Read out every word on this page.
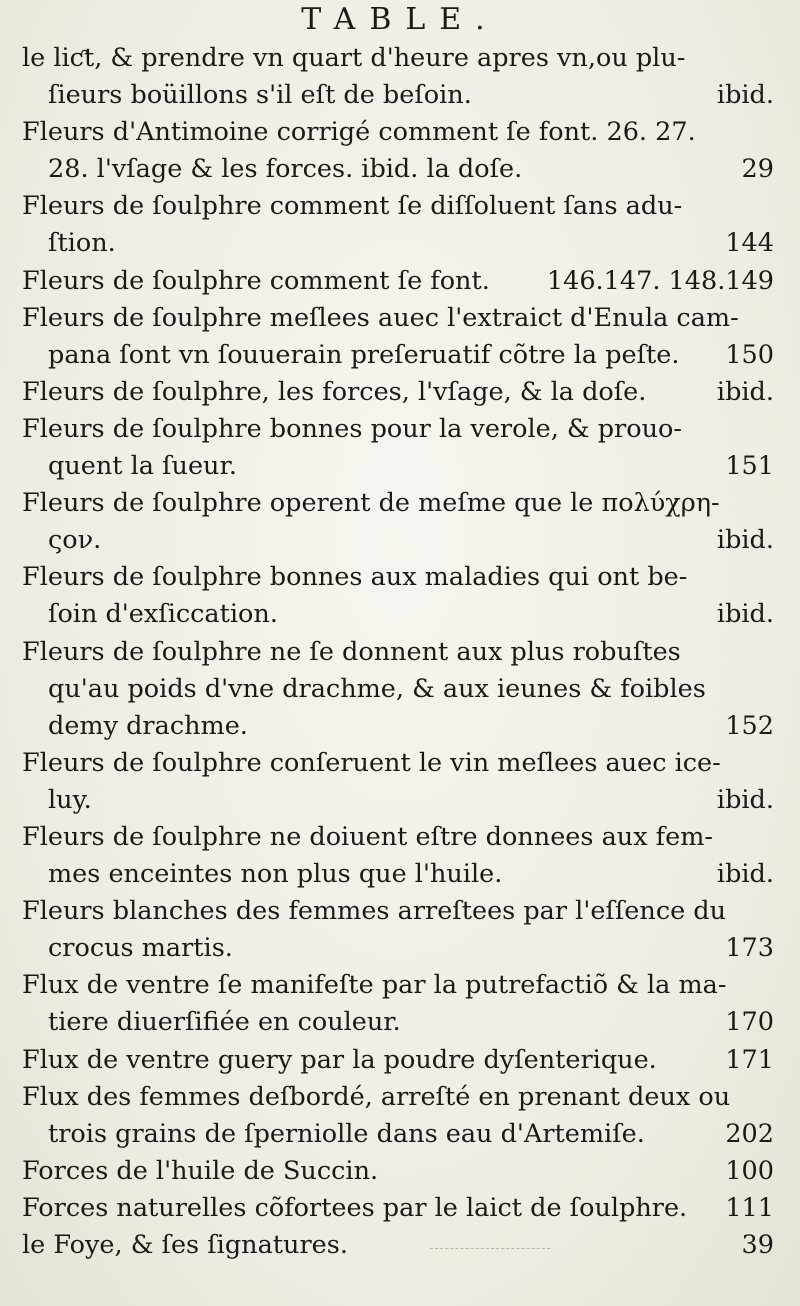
TABLE.
le liƈt, & prendre vn quart d'heure apres vn,ou plu-
ſieurs boüillons s'il eſt de beſoin.	ibid.
Fleurs d'Antimoine corrigé comment ſe font. 26. 27.
28. l'vſage & les forces. ibid. la doſe.	29
Fleurs de ſoulphre comment ſe diſſoluent ſans adu-
ſtion.	144
Fleurs de ſoulphre comment ſe font.	146.147. 148.149
Fleurs de ſoulphre meſlees auec l'extraict d'Enula cam-
pana ſont vn ſouuerain preſeruatif cõtre la peſte.	150
Fleurs de ſoulphre, les forces, l'vſage, & la doſe.	ibid.
Fleurs de ſoulphre bonnes pour la verole, & prouo-
quent la ſueur.	151
Fleurs de ſoulphre operent de meſme que le πολύχρη-
ςον.	ibid.
Fleurs de ſoulphre bonnes aux maladies qui ont be-
ſoin d'exſiccation.	ibid.
Fleurs de ſoulphre ne ſe donnent aux plus robuſtes
qu'au poids d'vne drachme, & aux ieunes & foibles
demy drachme.	152
Fleurs de ſoulphre conſeruent le vin meſlees auec ice-
luy.	ibid.
Fleurs de ſoulphre ne doiuent eſtre donnees aux fem-
mes enceintes non plus que l'huile.	ibid.
Fleurs blanches des femmes arreſtees par l'eſſence du
crocus martis.	173
Flux de ventre ſe manifeſte par la putrefactiõ & la ma-
tiere diuerſifiée en couleur.	170
Flux de ventre guery par la poudre dyſenterique.	171
Flux des femmes deſbordé, arreſté en prenant deux ou
trois grains de ſperniolle dans eau d'Artemiſe.	202
Forces de l'huile de Succin.	100
Forces naturelles cõfortees par le laict de ſoulphre.	111
le Foye, & ſes ſignatures.	39
